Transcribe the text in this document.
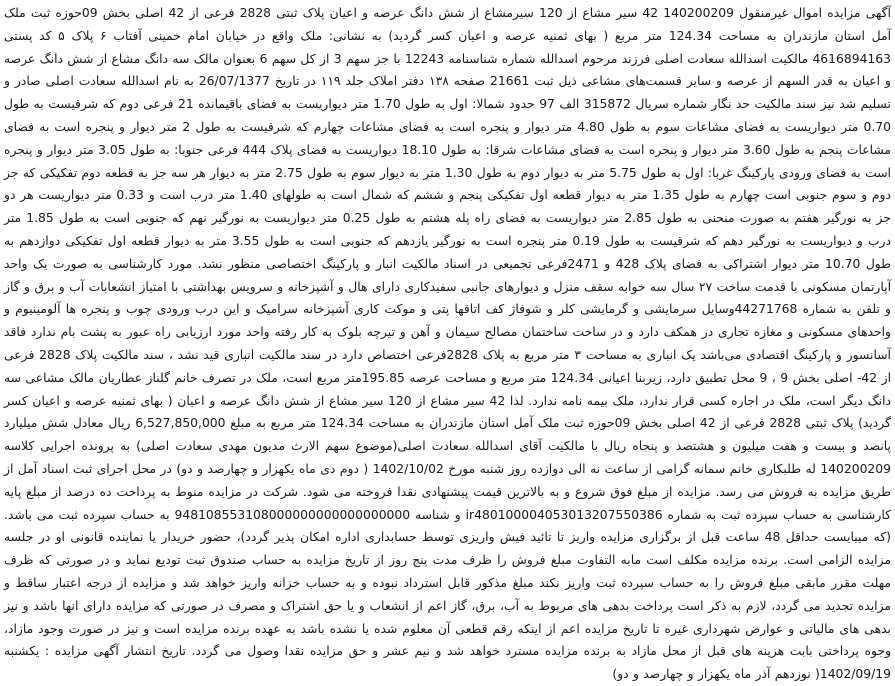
آگهی مزایده اموال غیرمنقول 140200209 42 سیر مشاع از 120 سیرمشاع از شش دانگ عرصه و اعیان پلاک ثبتی 2828 فرعی از 42 اصلی بخش 09حوزه ثبت ملک آمل استان مازندران به مساحت 124.34 متر مربع ( بهای ثمنیه عرصه و اعیان کسر گردید) به نشانی: ملک واقع در خیابان امام خمینی آفتاب ۶ پلاک ۵ کد پستی 4616894163 مالکیت اسدالله سعادت اصلی فرزند مرحوم اسدالله شماره شناسنامه 12243 با جز سهم 3 از کل سهم 6 بعنوان مالک سه دانگ مشاع از شش دانگ عرصه و اعیان به قدر السهم از عرصه و سایر قسمت‌های مشاعی ذیل ثبت 21661 صفحه ۱۳۸ دفتر املاک جلد ۱۱۹ در تاریخ 26/07/1377 به نام اسدالله سعادت اصلی صادر و تسلیم شد نیز سند مالکیت حد نگار شماره سریال 315872 الف 97 حدود شمالا: اول به طول 1.70 متر دیواریست به فضای باقیمانده 21 فرعی دوم که شرقیست به طول 0.70 متر دیواریست به فضای مشاعات سوم به طول 4.80 متر دیوار و پنجره است به فضای مشاعات چهارم که شرقیست به طول 2 متر دیوار و پنجره است به فضای مشاعات پنجم به طول 3.60 متر دیوار و پنجره است به فضای مشاعات شرقا: به طول 18.10 دیواریست به فضای پلاک 444 فرعی جنوبا: به طول 3.05 متر دیوار و پنجره است به فضای ورودی پارکینگ غربا: اول به طول 5.75 متر به دیوار دوم به طول 1.30 متر به دیوار سوم به طول 2.75 متر به دیوار هر سه جز به قطعه دوم تفکیکی که جز دوم و سوم جنوبی است چهارم به طول 1.35 متر به دیوار قطعه اول تفکیکی پنجم و ششم که شمال است به طولهای 1.40 متر درب است و 0.33 متر دیواریست هر دو جز به نورگیر هفتم به صورت منحنی به طول 2.85 متر دیواریست به فضای راه پله هشتم به طول 0.25 متر دیواریست به نورگیر نهم که جنوبی است به طول 1.85 متر درب و دیواریست به نورگیر دهم که شرقیست به طول 0.19 متر پنجره است به نورگیر یازدهم که جنوبی است به طول 3.55 متر به دیوار قطعه اول تفکیکی دوازدهم به طول 10.70 متر دیوار اشتراکی به فضای پلاک 428 و 2471فرعی تجمیعی در اسناد مالکیت انبار و پارکینگ اختصاصی منظور نشد. مورد کارشناسی به صورت یک واحد آپارتمان مسکونی با قدمت ساخت ۲۷ سال سه خوابه سقف منزل و دیوارهای جانبی سفیدکاری دارای هال و آشپزخانه و سرویس بهداشتی با امتیاز انشعابات آب و برق و گاز و تلفن به شماره 44271768وسایل سرمایشی و گرمایشی کلر و شوفاژ کف اتاقها پتی و موکت کاری آشپزخانه سرامیک و این درب ورودی چوب و پنجره ها آلومینیوم و واحدهای مسکونی و مغازه تجاری در همکف دارد و در ساخت ساختمان مصالح سیمان و آهن و تیرچه بلوک به کار رفته واحد مورد ارزیابی راه عبور به پشت بام ندارد فاقد آسانسور و پارکینگ اقتصادی می‌باشد یک انباری به مساحت ۳ متر مربع به پلاک 2828فرعی اختصاص دارد در سند مالکیت انباری قید نشد ، سند مالکیت پلاک 2828 فرعی از 42- اصلی بخش 9 ، 9 محل تطبیق دارد، زیربنا اعیانی 124.34 متر مربع و مساحت عرصه 195.85متر مربع است، ملک در تصرف خانم گلناز عطاریان مالک مشاعی سه دانگ دیگر است، ملک در اجاره کسی قرار ندارد، ملک بیمه نامه ندارد. لذا 42 سیر مشاع از 120 سیر مشاع از شش دانگ عرصه و اعیان ( بهای ثمنیه عرصه و اعیان کسر گردید) پلاک ثبتی 2828 فرعی از 42 اصلی بخش 09حوزه ثبت ملک آمل استان مازندران به مساحت 124.34 متر مربع به مبلغ 6,527,850,000 ریال معادل شش میلیارد پانصد و بیست و هفت میلیون و هشتصد و پنجاه ریال با مالکیت آقای اسدالله سعادت اصلی(موضوع سهم الارث مدیون مهدی سعادت اصلی) به پرونده اجرایی کلاسه 140200209 له طلبکاری خانم سمانه گرامی از ساعت نه الی دوازده روز شنبه مورخ 1402/10/02 ( دوم دی ماه یکهزار و چهارصد و دو) در محل اجرای ثبت اسناد آمل از طریق مزایده به فروش می رسد. مزایده از مبلغ فوق شروع و به بالاترین قیمت پیشنهادی نقدا فروخته می شود. شرکت در مزایده منوط به پرداخت ده درصد از مبلغ پایه کارشناسی به حساب سپرده ثبت به شماره ir480100004053013207550386 و شناسه 948108553108000000000000000000 به حساب سپرده ثبت می باشد. (که میبایست حداقل 48 ساعت قبل از برگزاری مزایده واریز تا تائید فیش واریزی توسط حسابداری اداره امکان پذیر گردد)، حضور خریدار یا نماینده قانونی او در جلسه مزایده الزامی است. برنده مزایده مکلف است مابه التفاوت مبلغ فروش را ظرف مدت پنج روز از تاریخ مزایده به حساب صندوق ثبت تودیع نماید و در صورتی که ظرف مهلت مقرر مابقی مبلغ فروش را به حساب سپرده ثبت واریز نکند مبلغ مذکور قابل استرداد نبوده و به حساب خزانه واریز خواهد شد و مزایده از درجه اعتبار ساقط و مزایده تجدید می گردد، لازم به ذکر است پرداخت بدهی های مربوط به آب، برق، گاز اعم از انشعاب و یا حق اشتراک و مصرف در صورتی که مزایده دارای انها باشد و نیز بدهی های مالیاتی و عوارض شهرداری غیره تا تاریخ مزایده اعم از اینکه رقم قطعی آن معلوم شده یا نشده باشد به عهده برنده مزایده است و نیز در صورت وجود مازاد، وجوه پرداختی بابت هزینه های قبل از محل مازاد به برنده مزایده مسترد خواهد شد و نیم عشر و حق مزایده نقدا وصول می گردد. تاریخ انتشار آگهی مزایده : یکشنبه 1402/09/19( نوزدهم آذر ماه یکهزار و چهارصد و دو)
